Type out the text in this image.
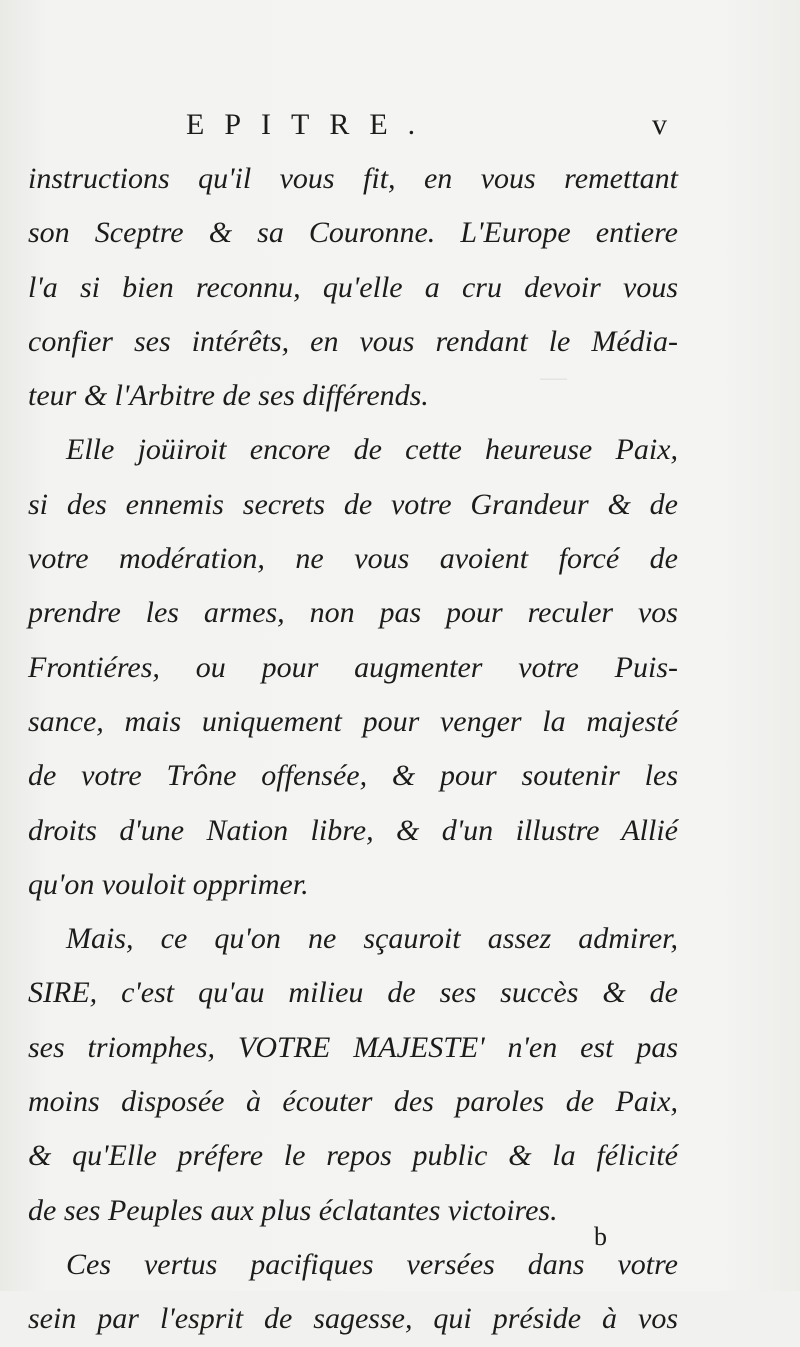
—
EPITRE.	v
instructions qu'il vous fit, en vous remettant
son Sceptre & sa Couronne. L'Europe entiere
l'a si bien reconnu, qu'elle a cru devoir vous
confier ses intérêts, en vous rendant le Média-
teur & l'Arbitre de ses différends.
Elle joüiroit encore de cette heureuse Paix,
si des ennemis secrets de votre Grandeur & de
votre modération, ne vous avoient forcé de
prendre les armes, non pas pour reculer vos
Frontiéres, ou pour augmenter votre Puis-
sance, mais uniquement pour venger la majesté
de votre Trône offensée, & pour soutenir les
droits d'une Nation libre, & d'un illustre Allié
qu'on vouloit opprimer.
Mais, ce qu'on ne sçauroit assez admirer,
SIRE, c'est qu'au milieu de ses succès & de
ses triomphes, VOTRE MAJESTE' n'en est pas
moins disposée à écouter des paroles de Paix,
& qu'Elle préfere le repos public & la félicité
de ses Peuples aux plus éclatantes victoires.
Ces vertus pacifiques versées dans votre
sein par l'esprit de sagesse, qui préside à vos
b
